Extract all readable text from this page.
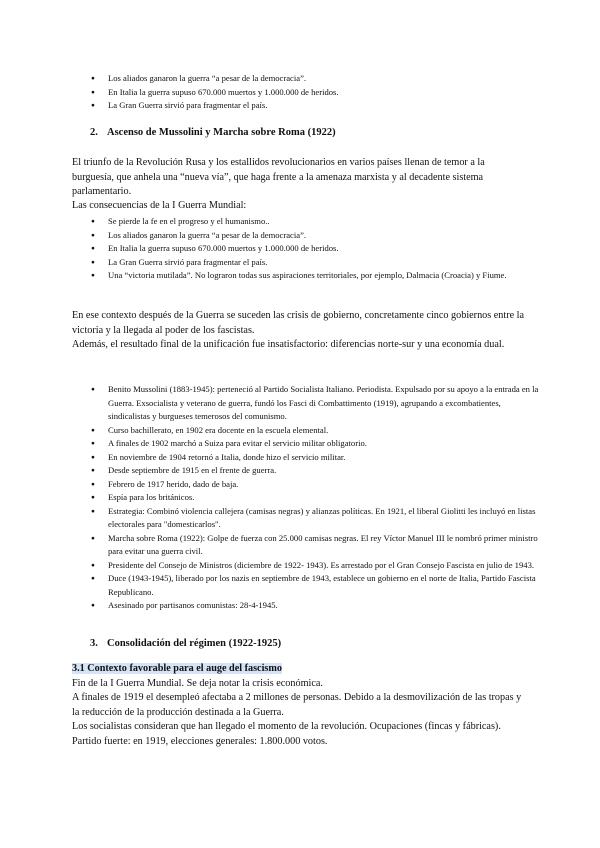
● Los aliados ganaron la guerra “a pesar de la democracia”.
● En Italia la guerra supuso 670.000 muertos y 1.000.000 de heridos.
● La Gran Guerra sirvió para fragmentar el país.
2. Ascenso de Mussolini y Marcha sobre Roma (1922)

El triunfo de la Revolución Rusa y los estallidos revolucionarios en varios países llenan de temor a la burguesía, que anhela una “nueva vía”, que haga frente a la amenaza marxista y al decadente sistema parlamentario.

Las consecuencias de la I Guerra Mundial:

● Se pierde la fe en el progreso y el humanismo..
● Los aliados ganaron la guerra “a pesar de la democracia”.
● En Italia la guerra supuso 670.000 muertos y 1.000.000 de heridos.
● La Gran Guerra sirvió para fragmentar el país.
● Una “victoria mutilada”. No lograron todas sus aspiraciones territoriales, por ejemplo, Dalmacia (Croacia) y Fiume.

En ese contexto después de la Guerra se suceden las crisis de gobierno, concretamente cinco gobiernos entre la victoria y la llegada al poder de los fascistas.

Además, el resultado final de la unificación fue insatisfactorio: diferencias norte-sur y una economía dual.

● Benito Mussolini (1883-1945): perteneció al Partido Socialista Italiano. Periodista. Expulsado por su apoyo a la entrada en la Guerra. Exsocialista y veterano de guerra, fundó los Fasci di Combattimento (1919), agrupando a excombatientes, sindicalistas y burgueses temerosos del comunismo.
● Curso bachillerato, en 1902 era docente en la escuela elemental.
● A finales de 1902 marchó a Suiza para evitar el servicio militar obligatorio.
● En noviembre de 1904 retornó a Italia, donde hizo el servicio militar.
● Desde septiembre de 1915 en el frente de guerra.
● Febrero de 1917 herido, dado de baja.
● Espía para los británicos.
● Estrategia: Combinó violencia callejera (camisas negras) y alianzas políticas. En 1921, el liberal Giolitti les incluyó en listas electorales para "domesticarlos".
● Marcha sobre Roma (1922): Golpe de fuerza con 25.000 camisas negras. El rey Víctor Manuel III le nombró primer ministro para evitar una guerra civil.
● Presidente del Consejo de Ministros (diciembre de 1922- 1943). Es arrestado por el Gran Consejo Fascista en julio de 1943.
● Duce (1943-1945), liberado por los nazis en septiembre de 1943, establece un gobierno en el norte de Italia, Partido Fascista Republicano.
● Asesinado por partisanos comunistas: 28-4-1945.
3. Consolidación del régimen (1922-1925)
3.1 Contexto favorable para el auge del fascismo
Fin de la I Guerra Mundial. Se deja notar la crisis económica.
A finales de 1919 el desempleó afectaba a 2 millones de personas. Debido a la desmovilización de las tropas y la reducción de la producción destinada a la Guerra.
Los socialistas consideran que han llegado el momento de la revolución. Ocupaciones (fincas y fábricas). Partido fuerte: en 1919, elecciones generales: 1.800.000 votos.
